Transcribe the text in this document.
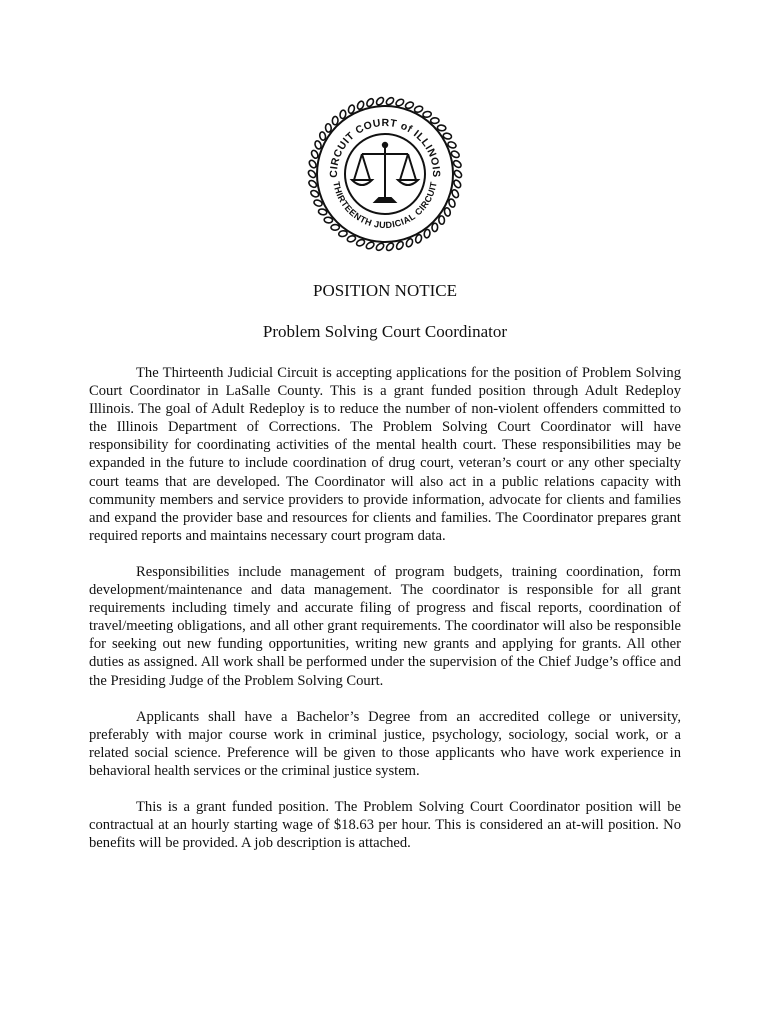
CIRCUIT COURT of ILLINOIS
THIRTEENTH JUDICIAL CIRCUIT
POSITION NOTICE
Problem Solving Court Coordinator

The Thirteenth Judicial Circuit is accepting applications for the position of Problem Solving Court Coordinator in LaSalle County. This is a grant funded position through Adult Redeploy Illinois. The goal of Adult Redeploy is to reduce the number of non-violent offenders committed to the Illinois Department of Corrections. The Problem Solving Court Coordinator will have responsibility for coordinating activities of the mental health court. These responsibilities may be expanded in the future to include coordination of drug court, veteran’s court or any other specialty court teams that are developed. The Coordinator will also act in a public relations capacity with community members and service providers to provide information, advocate for clients and families and expand the provider base and resources for clients and families. The Coordinator prepares grant required reports and maintains necessary court program data.

Responsibilities include management of program budgets, training coordination, form development/maintenance and data management. The coordinator is responsible for all grant requirements including timely and accurate filing of progress and fiscal reports, coordination of travel/meeting obligations, and all other grant requirements. The coordinator will also be responsible for seeking out new funding opportunities, writing new grants and applying for grants. All other duties as assigned. All work shall be performed under the supervision of the Chief Judge’s office and the Presiding Judge of the Problem Solving Court.

Applicants shall have a Bachelor’s Degree from an accredited college or university, preferably with major course work in criminal justice, psychology, sociology, social work, or a related social science. Preference will be given to those applicants who have work experience in behavioral health services or the criminal justice system.

This is a grant funded position. The Problem Solving Court Coordinator position will be contractual at an hourly starting wage of $18.63 per hour. This is considered an at-will position. No benefits will be provided. A job description is attached.
